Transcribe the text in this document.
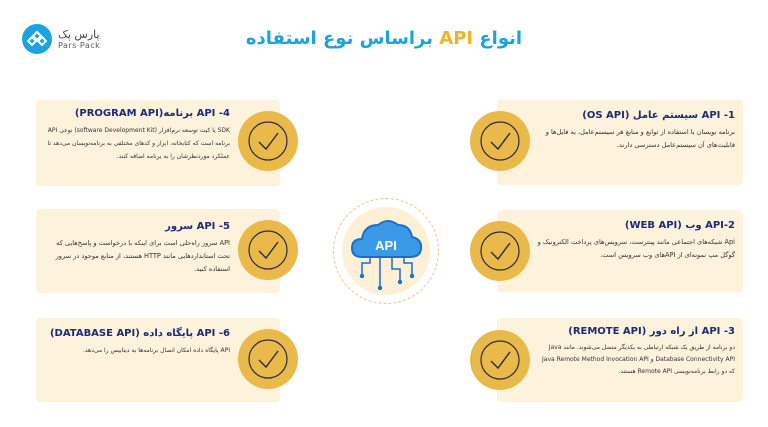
پارس پک
Pars Pack	انواع API براساس نوع استفاده
1- API سیستم عامل (OS API)

برنامه نویسان با استفاده از توابع و منابع هر سیستم‌عامل، به فایل‌ها و قابلیت‌های آن سیستم‌عامل دسترسی دارند.

2-API وب (WEB API)

Api شبکه‌های اجتماعی مانند پینترست، سرویس‌های پرداخت الکترونیک و گوگل مپ نمونه‌ای از APIهای وب سرویس است.

3- API از راه دور (REMOTE API)

دو برنامه از طریق یک شبکه ارتباطی به یکدیگر متصل می‌شوند. مانند Java Database Connectivity API و Java Remote Method Invocation API که دو رابط برنامه‌نویسی Remote API هستند.

4- API برنامه(PROGRAM API)

SDK یا کیت توسعه نرم‌افزار (software Development Kit) نوعی API برنامه است که کتابخانه، ابزار و کدهای مختلفی به برنامه‌نویسان می‌دهد تا عملکرد موردنظرشان را به برنامه اضافه کنند.

5- API سرور

API سرور راه‌حلی است برای اینکه با درخواست و پاسخ‌هایی که تحت استانداردهایی مانند HTTP هستند، از منابع موجود در سرور استفاده کنید.

6- API پایگاه داده (DATABASE API)

API پایگاه داده امکان اتصال برنامه‌ها به دیتابیس را می‌دهد.

API
